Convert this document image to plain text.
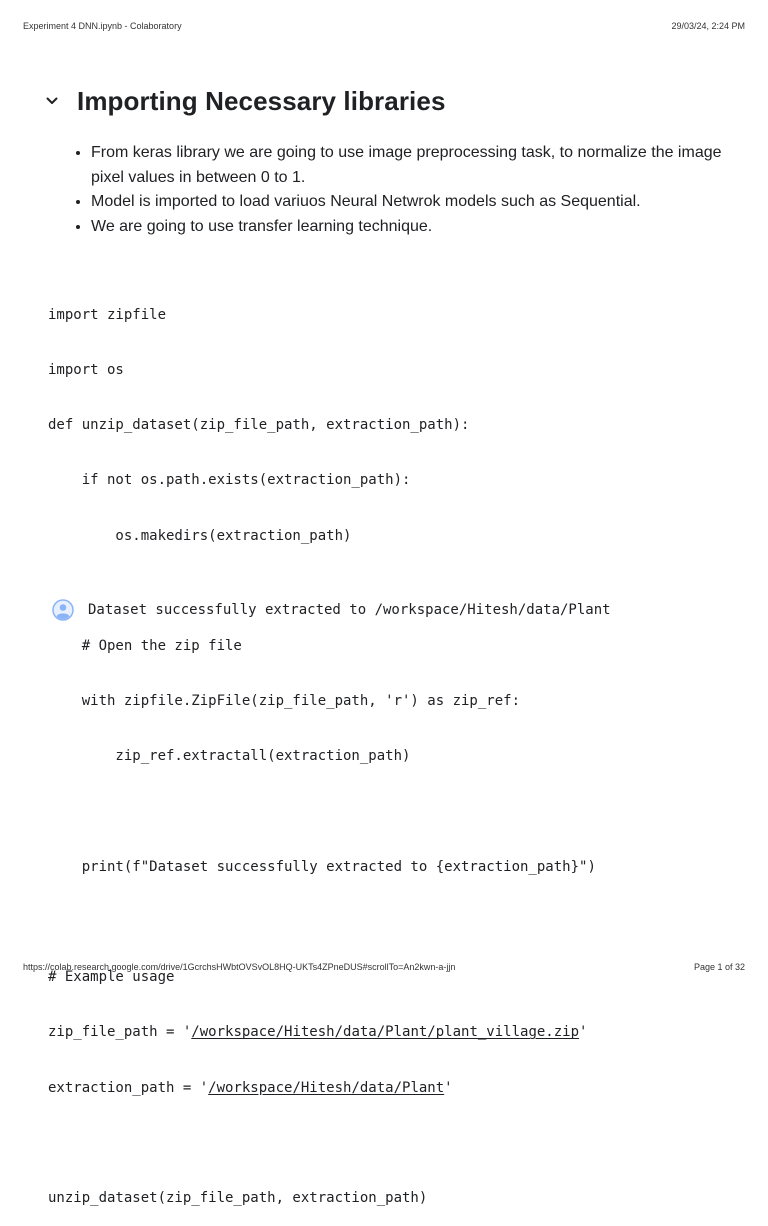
Experiment 4 DNN.ipynb - Colaboratory	29/03/24, 2:24 PM
Importing Necessary libraries
• From keras library we are going to use image preprocessing task, to normalize the image pixel values in between 0 to 1.
• Model is imported to load variuos Neural Netwrok models such as Sequential.
• We are going to use transfer learning technique.

import zipfile

import os

def unzip_dataset(zip_file_path, extraction_path):

if not os.path.exists(extraction_path):

os.makedirs(extraction_path)

# Open the zip file

with zipfile.ZipFile(zip_file_path, 'r') as zip_ref:

zip_ref.extractall(extraction_path)

print(f"Dataset successfully extracted to {extraction_path}")

# Example usage

zip_file_path = '/workspace/Hitesh/data/Plant/plant_village.zip'

extraction_path = '/workspace/Hitesh/data/Plant'

unzip_dataset(zip_file_path, extraction_path)

Dataset successfully extracted to /workspace/Hitesh/data/Plant
https://colab.research.google.com/drive/1GcrchsHWbtOVSvOL8HQ-UKTs4ZPneDUS#scrollTo=An2kwn-a-jjn	Page 1 of 32
